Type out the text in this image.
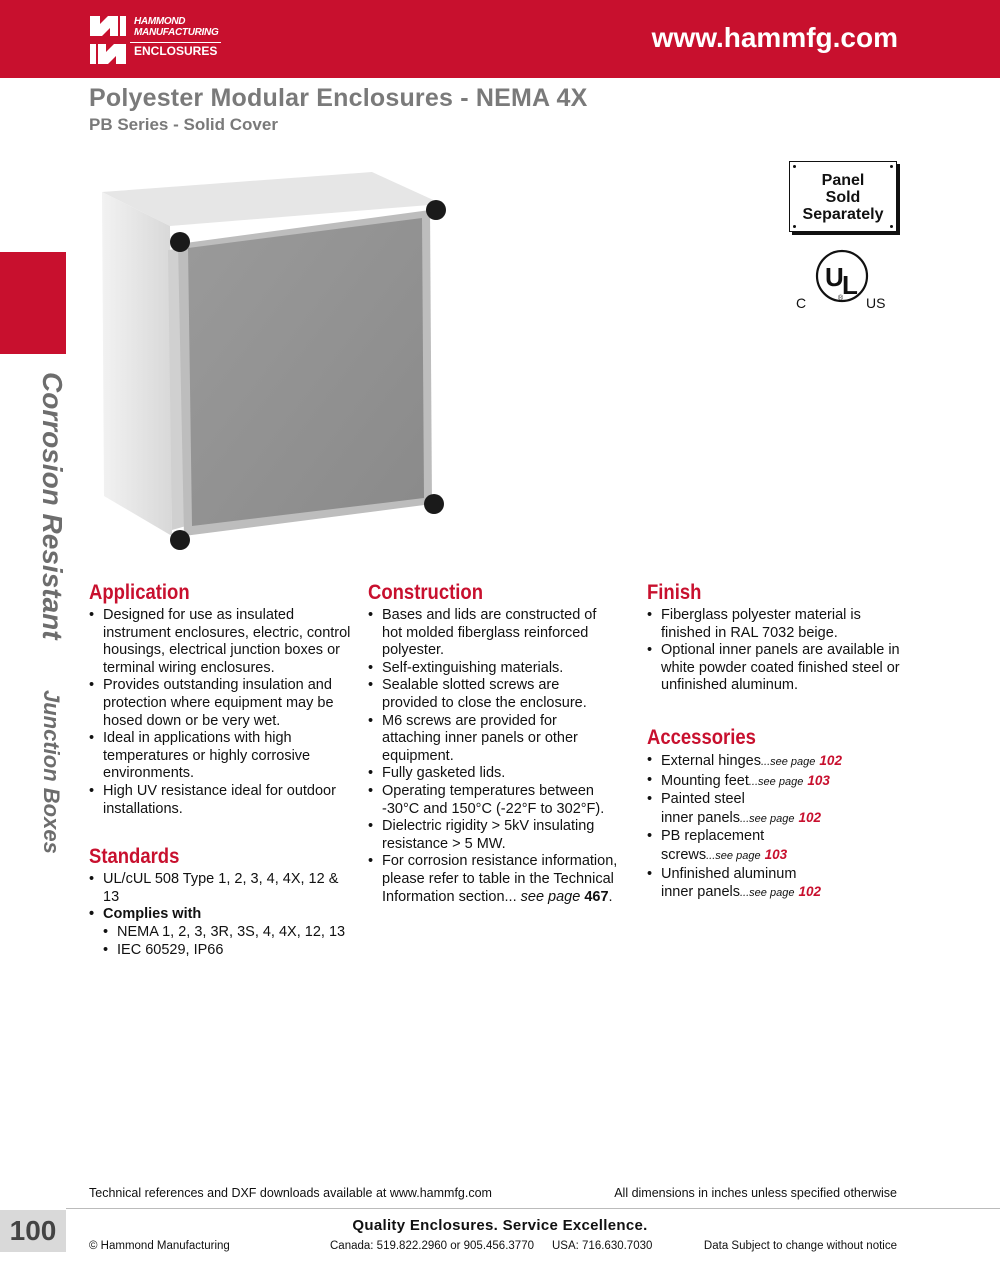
HAMMOND
MANUFACTURING
ENCLOSURES	www.hammfg.com
Polyester Modular Enclosures - NEMA 4X
PB Series - Solid Cover
Corrosion Resistant
Junction Boxes
Panel
Sold
Separately
U
L
®
C	US
Application
• Designed for use as insulated instrument enclosures, electric, control housings, electrical junction boxes or terminal wiring enclosures.
• Provides outstanding insulation and protection where equipment may be hosed down or be very wet.
• Ideal in applications with high temperatures or highly corrosive environments.
• High UV resistance ideal for outdoor installations.
Standards
• UL/cUL 508 Type 1, 2, 3, 4, 4X, 12 & 13
• Complies with
• NEMA 1, 2, 3, 3R, 3S, 4, 4X, 12, 13
• IEC 60529, IP66
Construction
• Bases and lids are constructed of hot molded fiberglass reinforced polyester.
• Self-extinguishing materials.
• Sealable slotted screws are provided to close the enclosure.
• M6 screws are provided for attaching inner panels or other equipment.
• Fully gasketed lids.
• Operating temperatures between -30°C and 150°C (-22°F to 302°F).
• Dielectric rigidity > 5kV insulating resistance > 5 MW.
• For corrosion resistance information, please refer to table in the Technical Information section... see page 467.
Finish
• Fiberglass polyester material is finished in RAL 7032 beige.
• Optional inner panels are available in white powder coated finished steel or unfinished aluminum.
Accessories
• External hinges...see page 102
• Mounting feet...see page 103
• Painted steel
inner panels...see page 102
• PB replacement
screws...see page 103
• Unfinished aluminum
inner panels...see page 102
Technical references and DXF downloads available at www.hammfg.com	All dimensions in inches unless specified otherwise
100	Quality Enclosures. Service Excellence.
© Hammond Manufacturing	Canada: 519.822.2960 or 905.456.3770 USA: 716.630.7030	Data Subject to change without notice
